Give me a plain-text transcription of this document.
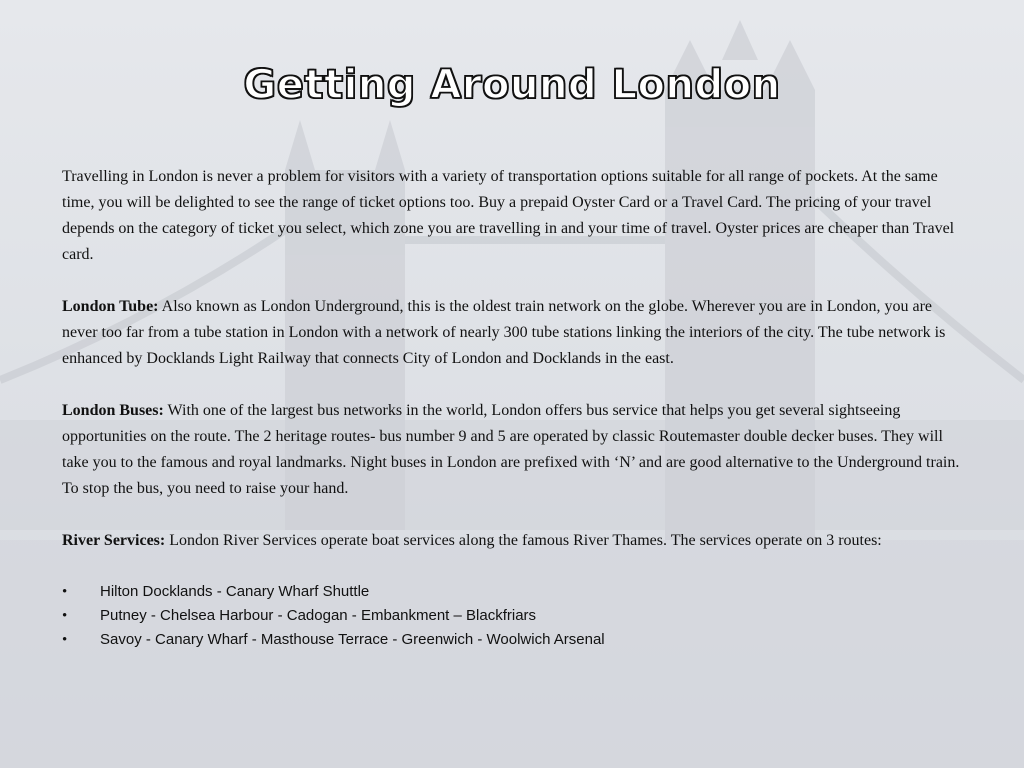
Getting Around London

Travelling in London is never a problem for visitors with a variety of transportation options suitable for all range of pockets. At the same time, you will be delighted to see the range of ticket options too. Buy a prepaid Oyster Card or a Travel Card. The pricing of your travel depends on the category of ticket you select, which zone you are travelling in and your time of travel. Oyster prices are cheaper than Travel card.

London Tube: Also known as London Underground, this is the oldest train network on the globe. Wherever you are in London, you are never too far from a tube station in London with a network of nearly 300 tube stations linking the interiors of the city. The tube network is enhanced by Docklands Light Railway that connects City of London and Docklands in the east.

London Buses: With one of the largest bus networks in the world, London offers bus service that helps you get several sightseeing opportunities on the route. The 2 heritage routes- bus number 9 and 5 are operated by classic Routemaster double decker buses. They will take you to the famous and royal landmarks. Night buses in London are prefixed with ‘N’ and are good alternative to the Underground train. To stop the bus, you need to raise your hand.

River Services: London River Services operate boat services along the famous River Thames. The services operate on 3 routes:

• Hilton Docklands - Canary Wharf Shuttle
• Putney - Chelsea Harbour - Cadogan - Embankment – Blackfriars
• Savoy - Canary Wharf - Masthouse Terrace - Greenwich - Woolwich Arsenal
